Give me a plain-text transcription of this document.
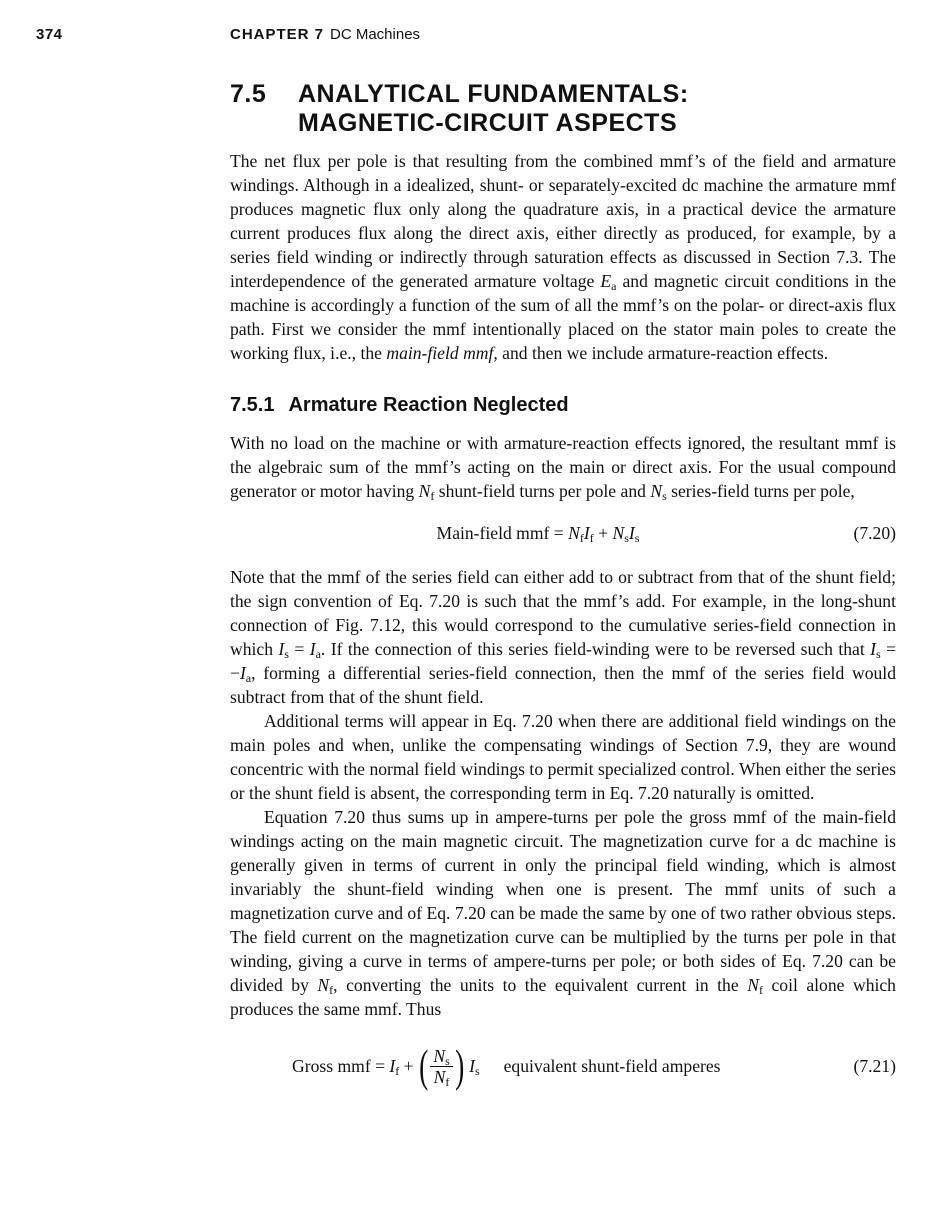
374	CHAPTER 7 DC Machines
7.5	ANALYTICAL FUNDAMENTALS:
MAGNETIC-CIRCUIT ASPECTS

The net flux per pole is that resulting from the combined mmf’s of the field and armature windings. Although in a idealized, shunt- or separately-excited dc machine the armature mmf produces magnetic flux only along the quadrature axis, in a practical device the armature current produces flux along the direct axis, either directly as produced, for example, by a series field winding or indirectly through saturation effects as discussed in Section 7.3. The interdependence of the generated armature voltage $E_a$ and magnetic circuit conditions in the machine is accordingly a function of the sum of all the mmf’s on the polar- or direct-axis flux path. First we consider the mmf intentionally placed on the stator main poles to create the working flux, i.e., the main-field mmf, and then we include armature-reaction effects.

7.5.1 Armature Reaction Neglected

With no load on the machine or with armature-reaction effects ignored, the resultant mmf is the algebraic sum of the mmf’s acting on the main or direct axis. For the usual compound generator or motor having $N_f$ shunt-field turns per pole and $N_s$ series-field turns per pole,

Main-field mmf = $N_fI_f + N_sI_s$	(7.20)

Note that the mmf of the series field can either add to or subtract from that of the shunt field; the sign convention of Eq. 7.20 is such that the mmf’s add. For example, in the long-shunt connection of Fig. 7.12, this would correspond to the cumulative series-field connection in which $I_s = I_a$. If the connection of this series field-winding were to be reversed such that $I_s = -I_a$, forming a differential series-field connection, then the mmf of the series field would subtract from that of the shunt field.

Additional terms will appear in Eq. 7.20 when there are additional field windings on the main poles and when, unlike the compensating windings of Section 7.9, they are wound concentric with the normal field windings to permit specialized control. When either the series or the shunt field is absent, the corresponding term in Eq. 7.20 naturally is omitted.

Equation 7.20 thus sums up in ampere-turns per pole the gross mmf of the main-field windings acting on the main magnetic circuit. The magnetization curve for a dc machine is generally given in terms of current in only the principal field winding, which is almost invariably the shunt-field winding when one is present. The mmf units of such a magnetization curve and of Eq. 7.20 can be made the same by one of two rather obvious steps. The field current on the magnetization curve can be multiplied by the turns per pole in that winding, giving a curve in terms of ampere-turns per pole; or both sides of Eq. 7.20 can be divided by $N_f$, converting the units to the equivalent current in the $N_f$ coil alone which produces the same mmf. Thus

Gross mmf = $I_f$ + ( $\frac{N_s}{N_f}$ ) $I_s$ equivalent shunt-field amperes	(7.21)
